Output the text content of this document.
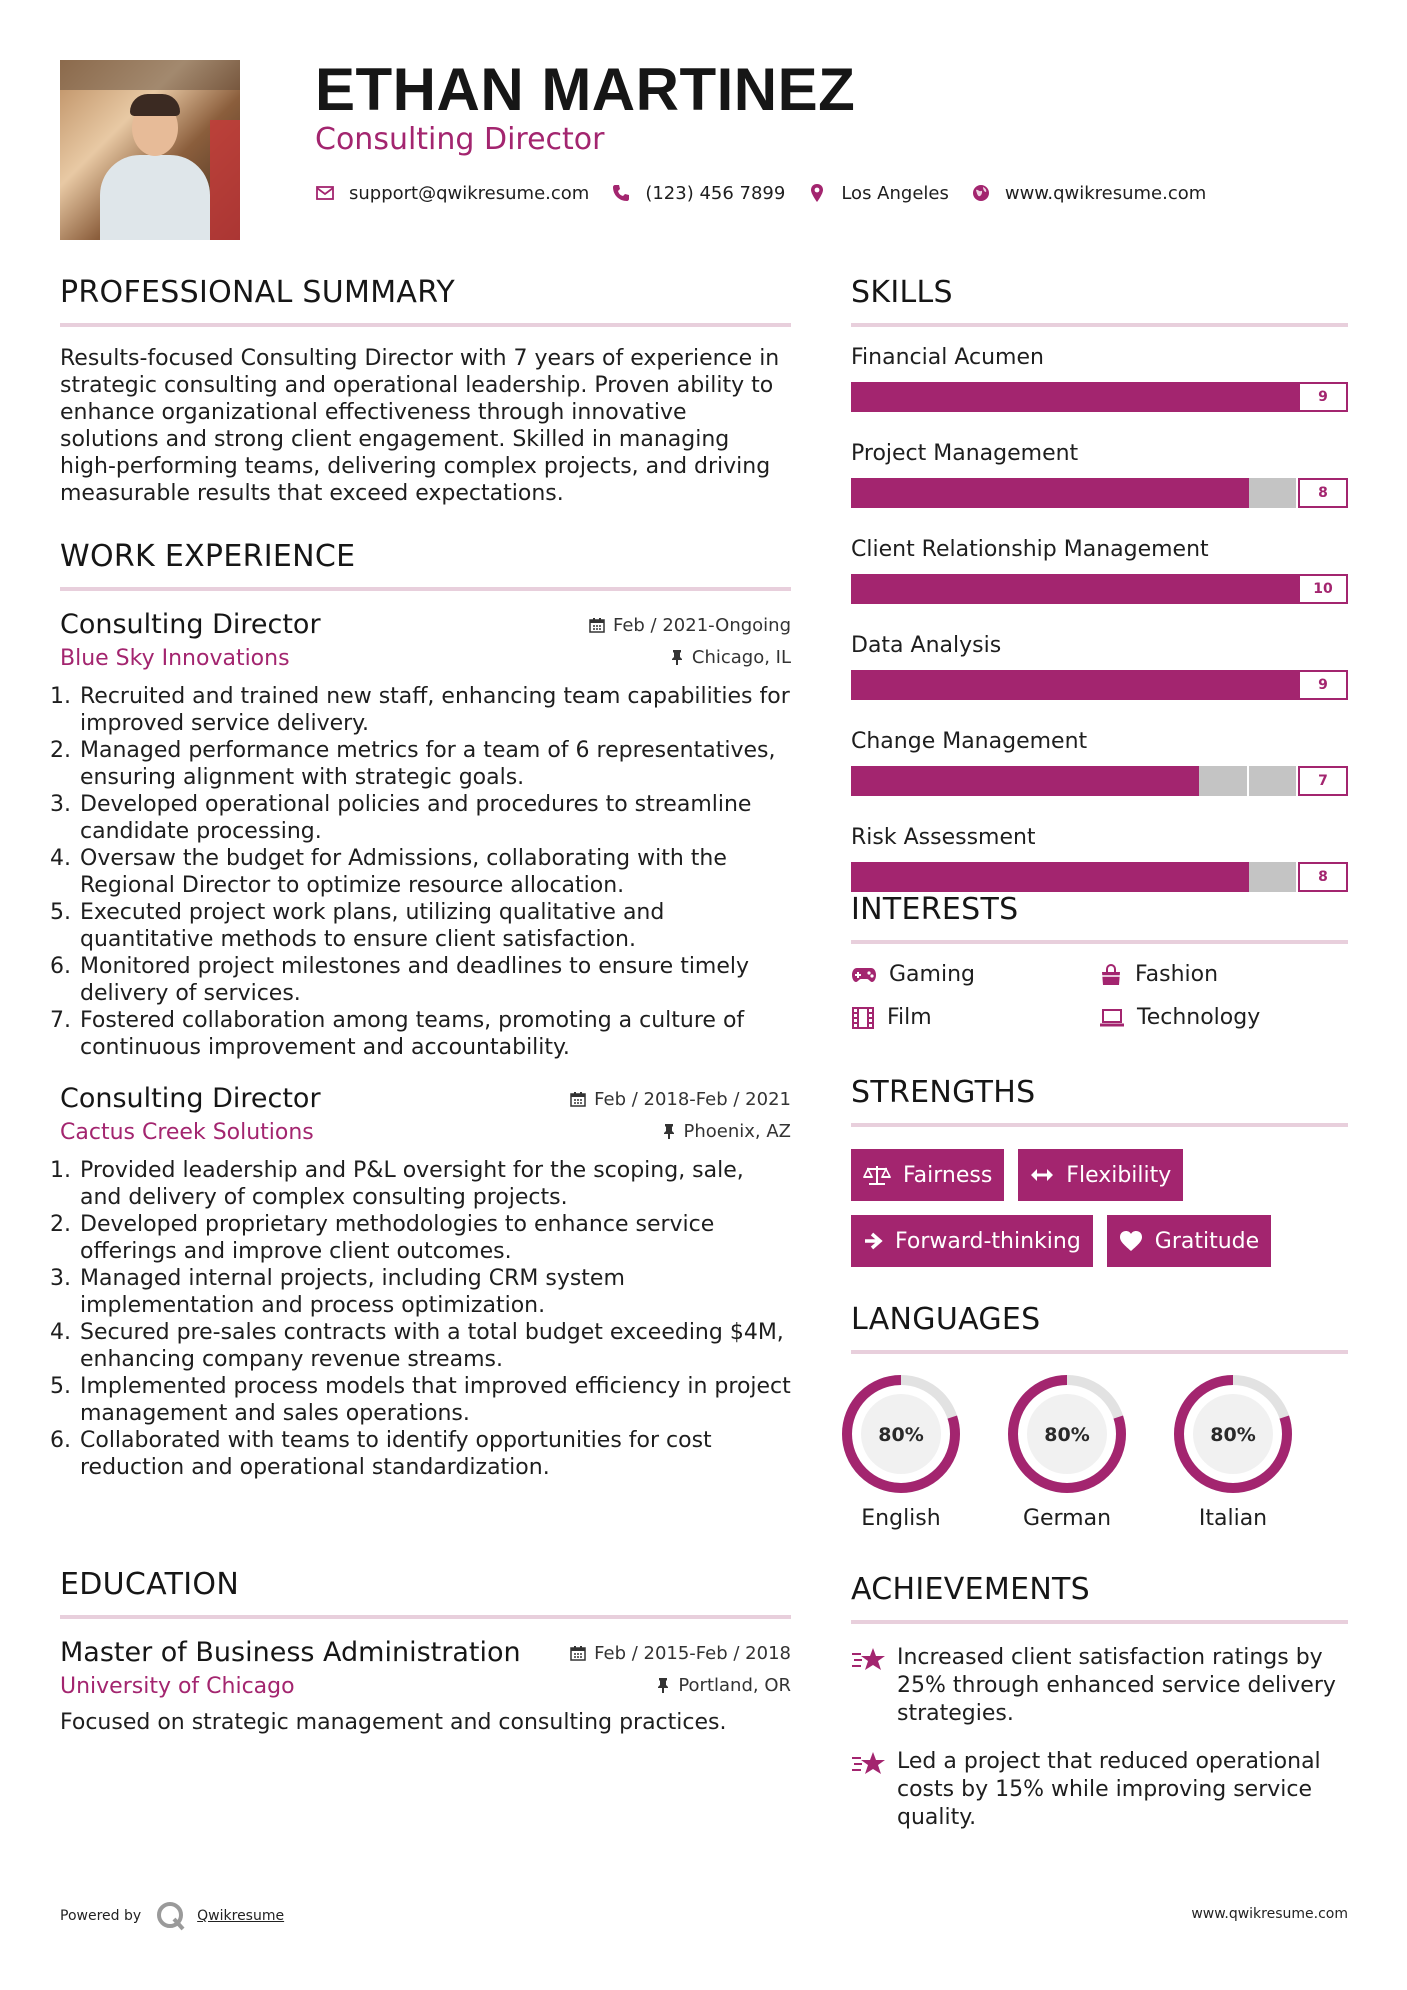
ETHAN MARTINEZ
Consulting Director
support@qwikresume.com	(123) 456 7899	Los Angeles	www.qwikresume.com
PROFESSIONAL SUMMARY

Results-focused Consulting Director with 7 years of experience in strategic consulting and operational leadership. Proven ability to enhance organizational effectiveness through innovative solutions and strong client engagement. Skilled in managing high-performing teams, delivering complex projects, and driving measurable results that exceed expectations.

WORK EXPERIENCE
Consulting Director	Feb / 2021-Ongoing
Blue Sky Innovations	Chicago, IL
1. Recruited and trained new staff, enhancing team capabilities for improved service delivery.
2. Managed performance metrics for a team of 6 representatives, ensuring alignment with strategic goals.
3. Developed operational policies and procedures to streamline candidate processing.
4. Oversaw the budget for Admissions, collaborating with the Regional Director to optimize resource allocation.
5. Executed project work plans, utilizing qualitative and quantitative methods to ensure client satisfaction.
6. Monitored project milestones and deadlines to ensure timely delivery of services.
7. Fostered collaboration among teams, promoting a culture of continuous improvement and accountability.
Consulting Director	Feb / 2018-Feb / 2021
Cactus Creek Solutions	Phoenix, AZ
1. Provided leadership and P&L oversight for the scoping, sale, and delivery of complex consulting projects.
2. Developed proprietary methodologies to enhance service offerings and improve client outcomes.
3. Managed internal projects, including CRM system implementation and process optimization.
4. Secured pre-sales contracts with a total budget exceeding $4M, enhancing company revenue streams.
5. Implemented process models that improved efficiency in project management and sales operations.
6. Collaborated with teams to identify opportunities for cost reduction and operational standardization.
EDUCATION
Master of Business Administration	Feb / 2015-Feb / 2018
University of Chicago	Portland, OR

Focused on strategic management and consulting practices.

SKILLS
Financial Acumen
9
Project Management
8
Client Relationship Management
10
Data Analysis
9
Change Management
7
Risk Assessment
8
INTERESTS
Gaming	Fashion
Film	Technology
STRENGTHS
Fairness	Flexibility
Forward-thinking	Gratitude
LANGUAGES
80%
English
80%
German
80%
Italian
ACHIEVEMENTS
Increased client satisfaction ratings by 25% through enhanced service delivery strategies.
Led a project that reduced operational costs by 15% while improving service quality.
Powered by	Qwikresume	www.qwikresume.com
